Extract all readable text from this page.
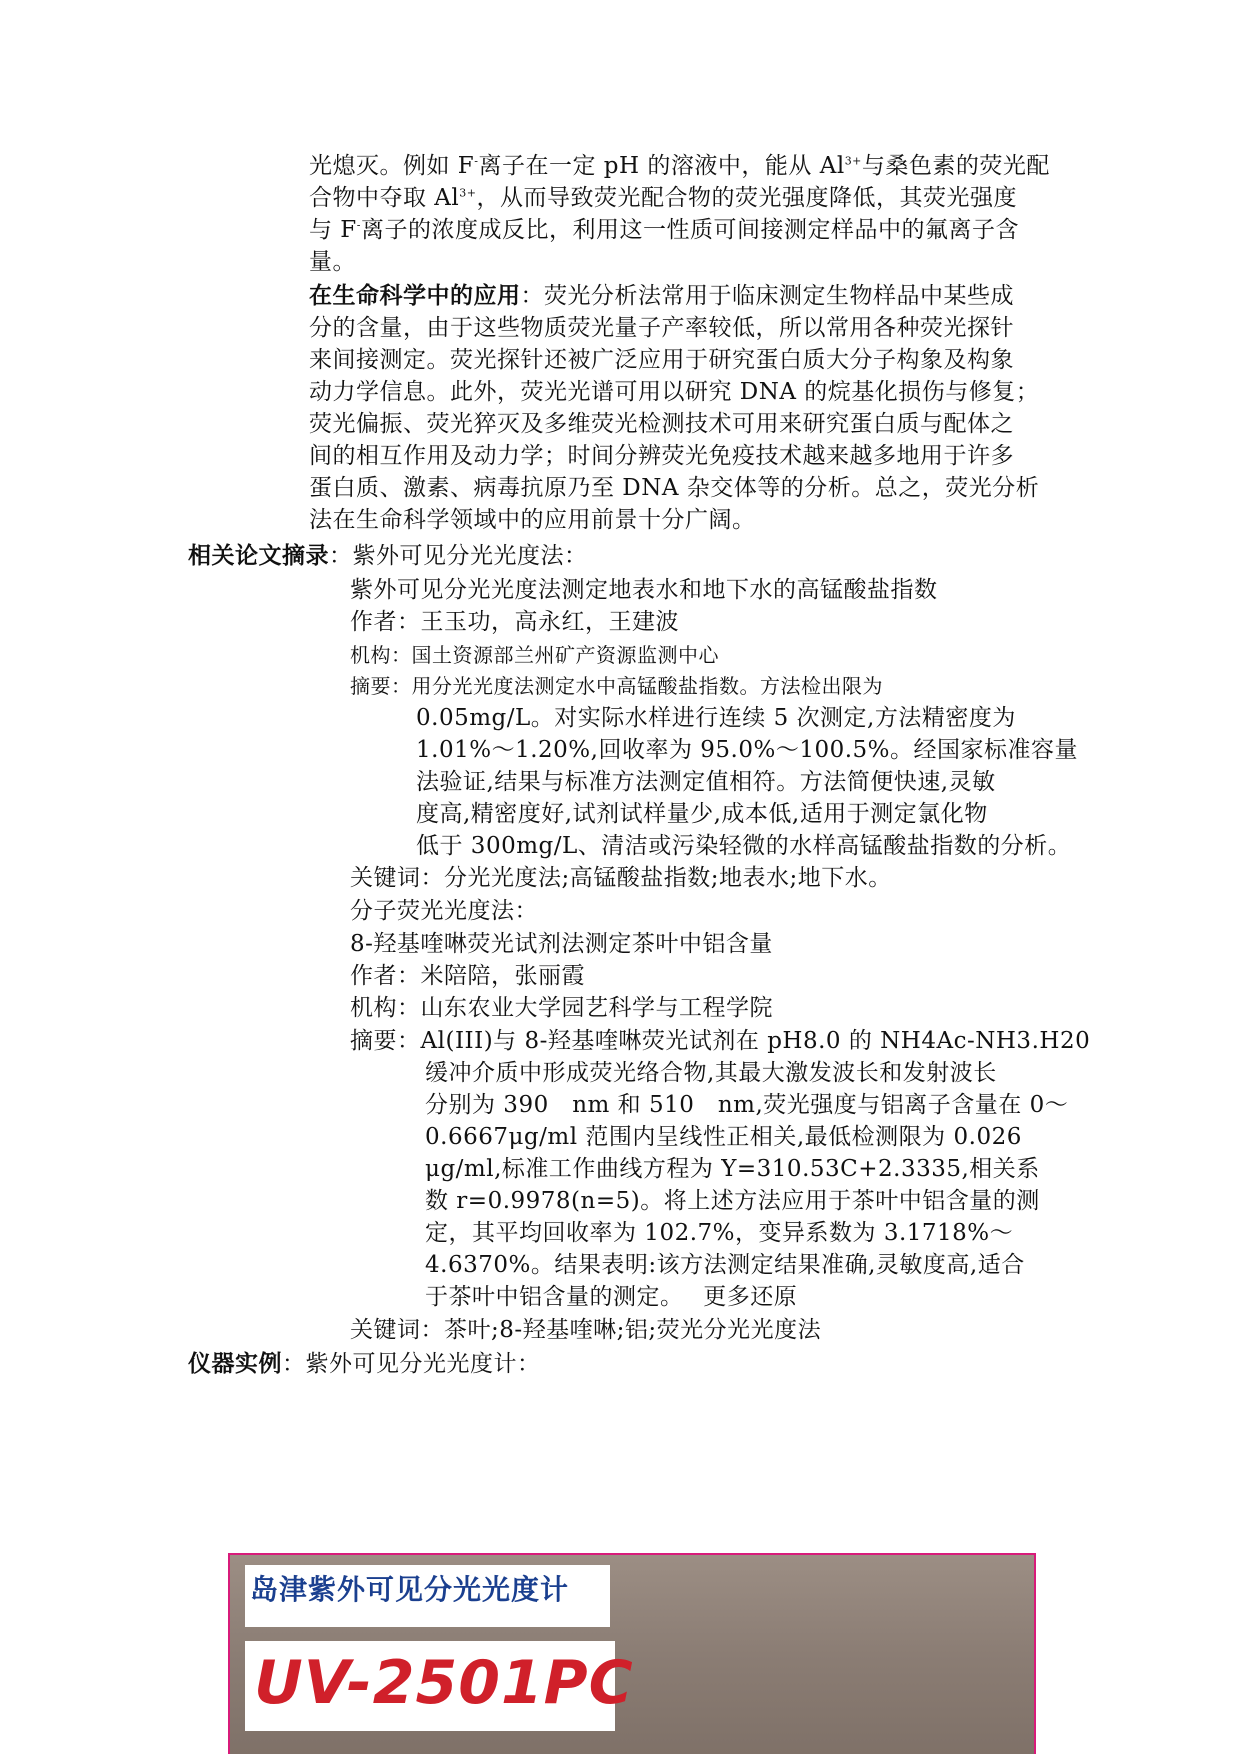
光熄灭。例如 F-离子在一定 pH 的溶液中，能从 $Al^{3+}$与桑色素的荧光配
合物中夺取 $Al^{3+}$，从而导致荧光配合物的荧光强度降低，其荧光强度
与 F-离子的浓度成反比，利用这一性质可间接测定样品中的氟离子含
量。
在生命科学中的应用：荧光分析法常用于临床测定生物样品中某些成
分的含量，由于这些物质荧光量子产率较低，所以常用各种荧光探针
来间接测定。荧光探针还被广泛应用于研究蛋白质大分子构象及构象
动力学信息。此外，荧光光谱可用以研究 DNA 的烷基化损伤与修复；
荧光偏振、荧光猝灭及多维荧光检测技术可用来研究蛋白质与配体之
间的相互作用及动力学；时间分辨荧光免疫技术越来越多地用于许多
蛋白质、激素、病毒抗原乃至 DNA 杂交体等的分析。总之，荧光分析
法在生命科学领域中的应用前景十分广阔。
相关论文摘录：紫外可见分光光度法：
紫外可见分光光度法测定地表水和地下水的高锰酸盐指数
作者：王玉功，高永红，王建波
机构：国土资源部兰州矿产资源监测中心
摘要：用分光光度法测定水中高锰酸盐指数。方法检出限为
0.05mg/L。对实际水样进行连续 5 次测定,方法精密度为
1.01%～1.20%,回收率为 95.0%～100.5%。经国家标准容量
法验证,结果与标准方法测定值相符。方法简便快速,灵敏
度高,精密度好,试剂试样量少,成本低,适用于测定氯化物
低于 300mg/L、清洁或污染轻微的水样高锰酸盐指数的分析。
关键词：分光光度法;高锰酸盐指数;地表水;地下水。
分子荧光光度法：
8-羟基喹啉荧光试剂法测定茶叶中铝含量
作者：米陪陪，张丽霞
机构：山东农业大学园艺科学与工程学院
摘要：Al(III)与 8-羟基喹啉荧光试剂在 pH8.0 的 NH4Ac-NH3.H20
缓冲介质中形成荧光络合物,其最大激发波长和发射波长
分别为 390　nm 和 510　nm,荧光强度与铝离子含量在 0～
0.6667μg/ml 范围内呈线性正相关,最低检测限为 0.026
μg/ml,标准工作曲线方程为 Y=310.53C+2.3335,相关系
数 r=0.9978(n=5)。将上述方法应用于茶叶中铝含量的测
定，其平均回收率为 102.7%，变异系数为 3.1718%～
4.6370%。结果表明:该方法测定结果准确,灵敏度高,适合
于茶叶中铝含量的测定。　 更多还原
关键词：茶叶;8-羟基喹啉;铝;荧光分光光度法
仪器实例：紫外可见分光光度计：
岛津紫外可见分光光度计
UV-2501PC
